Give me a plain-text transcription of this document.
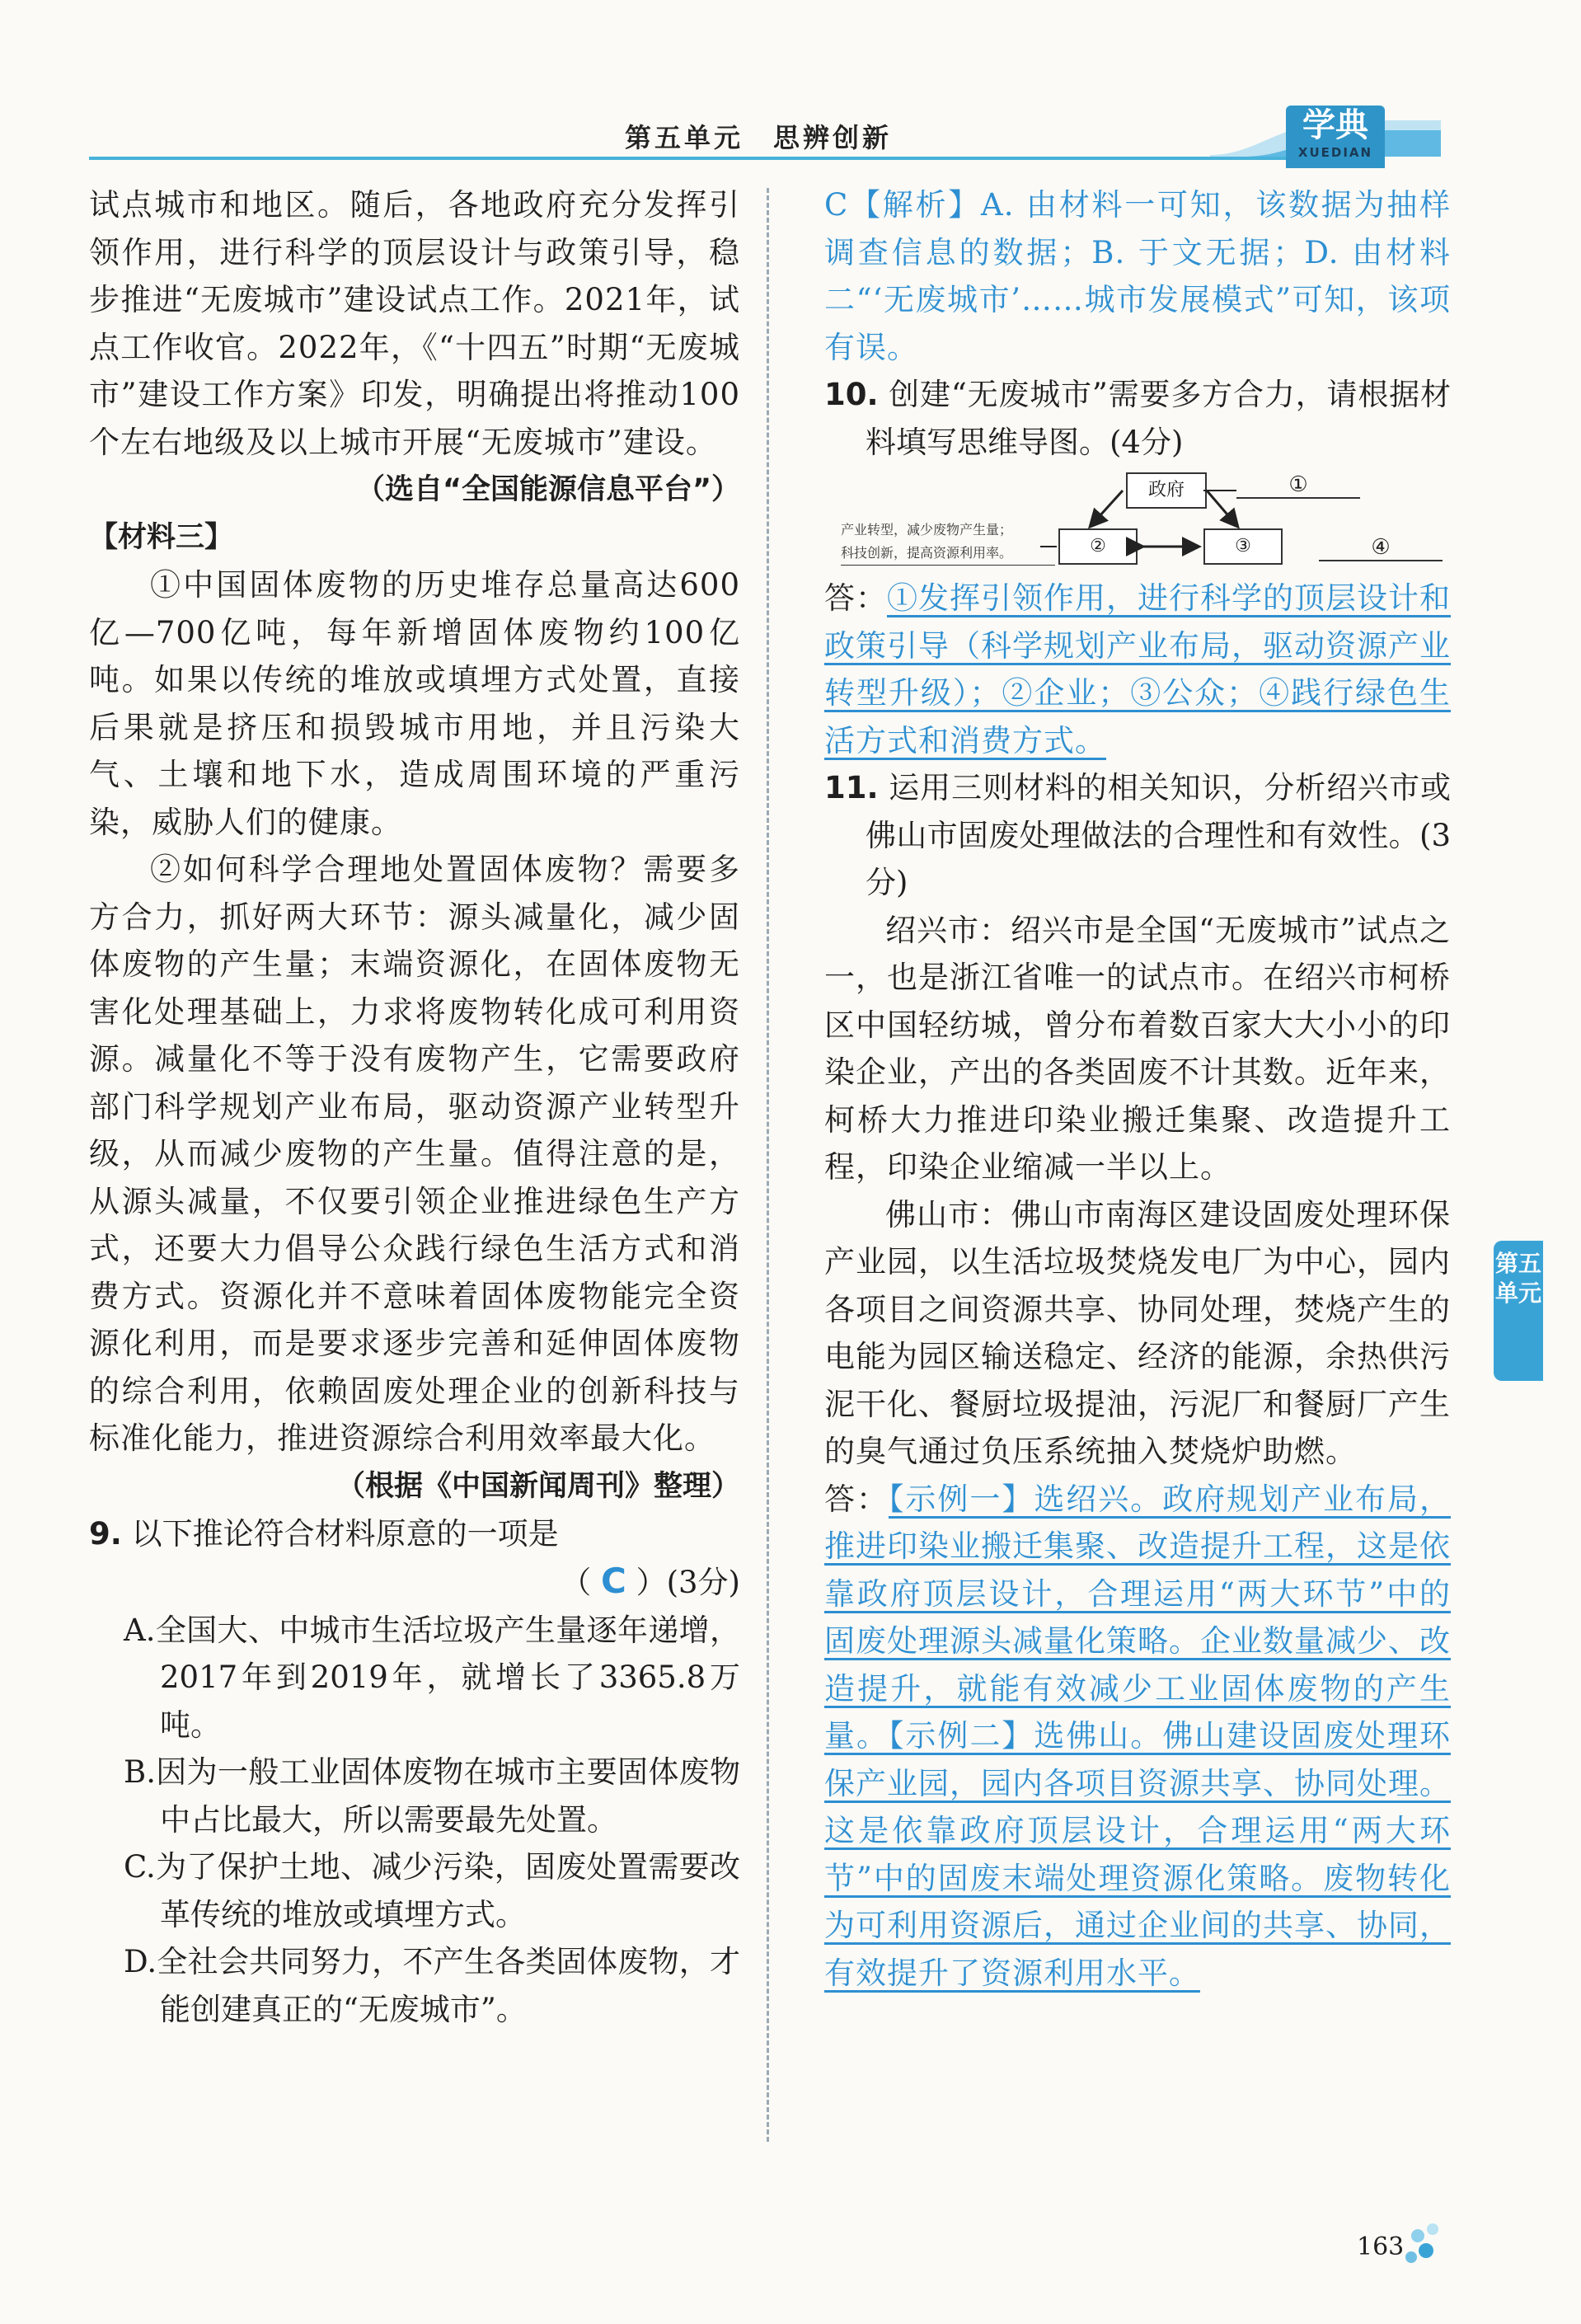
第五单元　思辨创新	学典
XUEDIAN

试点城市和地区。随后，各地政府充分发挥引领作用，进行科学的顶层设计与政策引导，稳步推进“无废城市”建设试点工作。2021年，试点工作收官。2022年，《“十四五”时期“无废城市”建设工作方案》印发，明确提出将推动100个左右地级及以上城市开展“无废城市”建设。

（选自“全国能源信息平台”）

【材料三】

①中国固体废物的历史堆存总量高达600亿—700亿吨，每年新增固体废物约100亿吨。如果以传统的堆放或填埋方式处置，直接后果就是挤压和损毁城市用地，并且污染大气、土壤和地下水，造成周围环境的严重污染，威胁人们的健康。

②如何科学合理地处置固体废物？需要多方合力，抓好两大环节：源头减量化，减少固体废物的产生量；末端资源化，在固体废物无害化处理基础上，力求将废物转化成可利用资源。减量化不等于没有废物产生，它需要政府部门科学规划产业布局，驱动资源产业转型升级，从而减少废物的产生量。值得注意的是，从源头减量，不仅要引领企业推进绿色生产方式，还要大力倡导公众践行绿色生活方式和消费方式。资源化并不意味着固体废物能完全资源化利用，而是要求逐步完善和延伸固体废物的综合利用，依赖固废处理企业的创新科技与标准化能力，推进资源综合利用效率最大化。

（根据《中国新闻周刊》整理）

9. 以下推论符合材料原意的一项是

（ C ）(3分)

A.全国大、中城市生活垃圾产生量逐年递增，2017年到2019年，就增长了3365.8万吨。

B.因为一般工业固体废物在城市主要固体废物中占比最大，所以需要最先处置。

C.为了保护土地、减少污染，固废处置需要改革传统的堆放或填埋方式。

D.全社会共同努力，不产生各类固体废物，才能创建真正的“无废城市”。

C【解析】A. 由材料一可知，该数据为抽样调查信息的数据；B. 于文无据；D. 由材料二“‘无废城市’……城市发展模式”可知，该项有误。

10. 创建“无废城市”需要多方合力，请根据材料填写思维导图。(4分)

政府	①
产业转型，减少废物产生量；
科技创新，提高资源利用率。	②	③	④

答：①发挥引领作用，进行科学的顶层设计和政策引导（科学规划产业布局，驱动资源产业转型升级）；②企业；③公众；④践行绿色生活方式和消费方式。

11. 运用三则材料的相关知识，分析绍兴市或佛山市固废处理做法的合理性和有效性。(3分)

绍兴市：绍兴市是全国“无废城市”试点之一，也是浙江省唯一的试点市。在绍兴市柯桥区中国轻纺城，曾分布着数百家大大小小的印染企业，产出的各类固废不计其数。近年来，柯桥大力推进印染业搬迁集聚、改造提升工程，印染企业缩减一半以上。

佛山市：佛山市南海区建设固废处理环保产业园，以生活垃圾焚烧发电厂为中心，园内各项目之间资源共享、协同处理，焚烧产生的电能为园区输送稳定、经济的能源，余热供污泥干化、餐厨垃圾提油，污泥厂和餐厨厂产生的臭气通过负压系统抽入焚烧炉助燃。

答：【示例一】选绍兴。政府规划产业布局，推进印染业搬迁集聚、改造提升工程，这是依靠政府顶层设计，合理运用“两大环节”中的固废处理源头减量化策略。企业数量减少、改造提升，就能有效减少工业固体废物的产生量。【示例二】选佛山。佛山建设固废处理环保产业园，园内各项目资源共享、协同处理。这是依靠政府顶层设计，合理运用“两大环节”中的固废末端处理资源化策略。废物转化为可利用资源后，通过企业间的共享、协同，有效提升了资源利用水平。

第五单元
163
